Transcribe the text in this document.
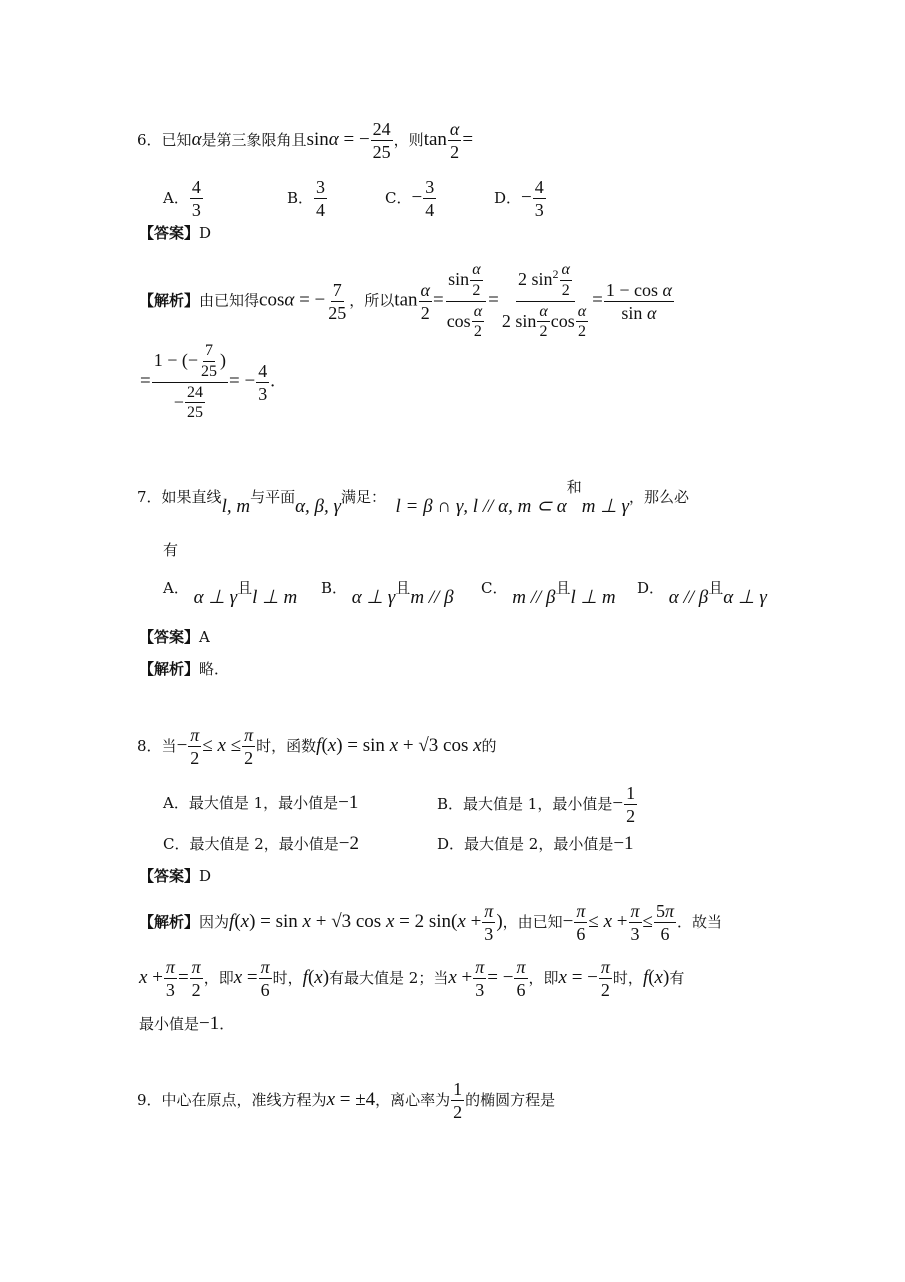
6．已知α是第三象限角且sinα = − $\frac{24}{25}$ ，则$\tan \frac{\alpha}{2}$ =
A． $\frac{4}{3}$	B． $\frac{3}{4}$	C．− $\frac{3}{4}$	D．− $\frac{4}{3}$
【答案】D
【解析】由已知得cosα = − $\frac{7}{25}$ ，所以$\tan \frac{\alpha}{2} = \frac{\sin \frac{\alpha}{2}}{\cos \frac{\alpha}{2}} = \frac{2 \sin^2 \frac{\alpha}{2}}{2 \sin \frac{\alpha}{2} \cos \frac{\alpha}{2}} = \frac{\text{1 − cos α}}{\text{sin α}}$
= $\frac{1 - (- \frac{7}{25} )}{- \frac{24}{25}}$ = − $\frac{4}{3}$ .
7．如果直线l, m与平面α, β, γ满足：  l = β ∩ γ, l // α, m ⊂ α和m ⊥ γ，那么必
有
A． α ⊥ γ且l ⊥ m B． α ⊥ γ且m // β C． m // β且l ⊥ m D． α // β且α ⊥ γ
【答案】A
【解析】略．
8．当− $\frac{\pi}{2} \le x \le \frac{\pi}{2}$ 时，函数f(x) = sin x + √3 cos x的
A．最大值是 1，最小值是−1	B．最大值是 1，最小值是− $\frac{1}{2}$
C．最大值是 2，最小值是−2	D．最大值是 2，最小值是−1
【答案】D
【解析】因为f(x) = sin x + √3 cos x = 2 $\sin(x + \frac{\pi}{3}$ )，由已知− $\frac{\pi}{6} \le x + \frac{\pi}{3} \le \frac{5\pi}{6}$ ．故当
$x + \frac{\pi}{3} = \frac{\pi}{2}$ ，即$x = \frac{\pi}{6}$ 时，f(x)有最大值是 2；当$x + \frac{\pi}{3}$ = − $\frac{\pi}{6}$ ，即x = − $\frac{\pi}{2}$ 时，f(x)有
最小值是−1．
9．中心在原点，准线方程为x = ±4，离心率为 $\frac{1}{2}$ 的椭圆方程是
